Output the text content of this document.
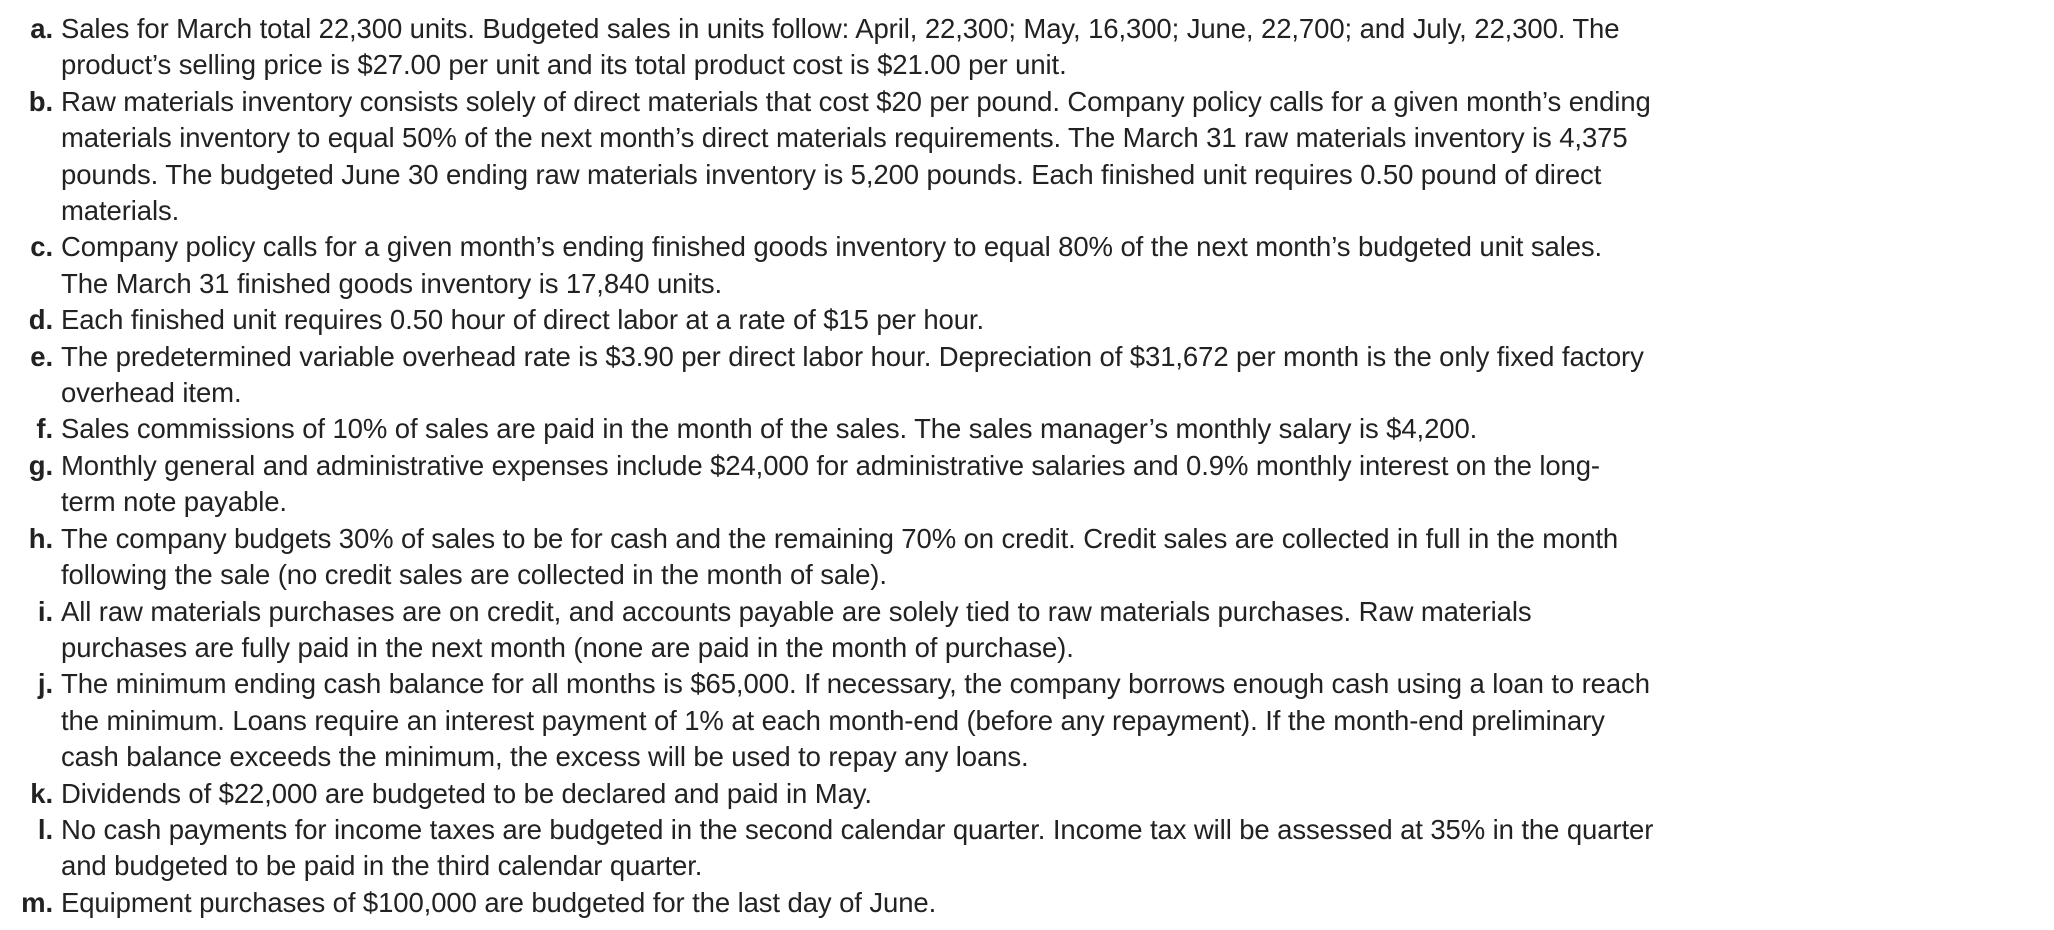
a. Sales for March total 22,300 units. Budgeted sales in units follow: April, 22,300; May, 16,300; June, 22,700; and July, 22,300. The
product’s selling price is $27.00 per unit and its total product cost is $21.00 per unit.
b. Raw materials inventory consists solely of direct materials that cost $20 per pound. Company policy calls for a given month’s ending
materials inventory to equal 50% of the next month’s direct materials requirements. The March 31 raw materials inventory is 4,375
pounds. The budgeted June 30 ending raw materials inventory is 5,200 pounds. Each finished unit requires 0.50 pound of direct
materials.
c. Company policy calls for a given month’s ending finished goods inventory to equal 80% of the next month’s budgeted unit sales.
The March 31 finished goods inventory is 17,840 units.
d. Each finished unit requires 0.50 hour of direct labor at a rate of $15 per hour.
e. The predetermined variable overhead rate is $3.90 per direct labor hour. Depreciation of $31,672 per month is the only fixed factory
overhead item.
f. Sales commissions of 10% of sales are paid in the month of the sales. The sales manager’s monthly salary is $4,200.
g. Monthly general and administrative expenses include $24,000 for administrative salaries and 0.9% monthly interest on the long-
term note payable.
h. The company budgets 30% of sales to be for cash and the remaining 70% on credit. Credit sales are collected in full in the month
following the sale (no credit sales are collected in the month of sale).
i. All raw materials purchases are on credit, and accounts payable are solely tied to raw materials purchases. Raw materials
purchases are fully paid in the next month (none are paid in the month of purchase).
j. The minimum ending cash balance for all months is $65,000. If necessary, the company borrows enough cash using a loan to reach
the minimum. Loans require an interest payment of 1% at each month-end (before any repayment). If the month-end preliminary
cash balance exceeds the minimum, the excess will be used to repay any loans.
k. Dividends of $22,000 are budgeted to be declared and paid in May.
l. No cash payments for income taxes are budgeted in the second calendar quarter. Income tax will be assessed at 35% in the quarter
and budgeted to be paid in the third calendar quarter.
m. Equipment purchases of $100,000 are budgeted for the last day of June.
